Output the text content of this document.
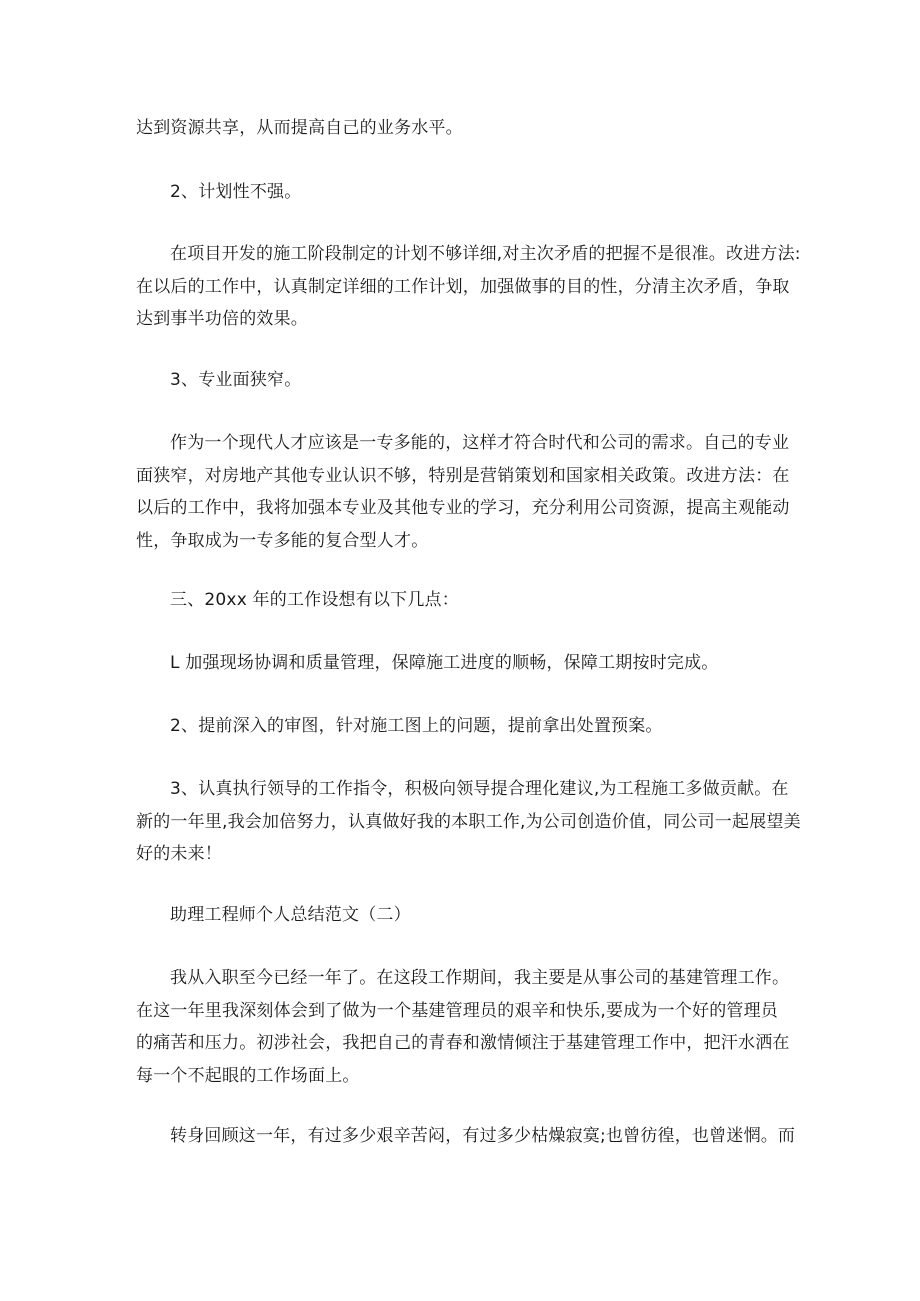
达到资源共享，从而提高自己的业务水平。

2、计划性不强。

在项目开发的施工阶段制定的计划不够详细,对主次矛盾的把握不是很准。改进方法:
在以后的工作中，认真制定详细的工作计划，加强做事的目的性，分清主次矛盾，争取
达到事半功倍的效果。

3、专业面狭窄。

作为一个现代人才应该是一专多能的，这样才符合时代和公司的需求。自己的专业
面狭窄，对房地产其他专业认识不够，特别是营销策划和国家相关政策。改进方法：在
以后的工作中，我将加强本专业及其他专业的学习，充分利用公司资源，提高主观能动
性，争取成为一专多能的复合型人才。

三、20xx 年的工作设想有以下几点：

L 加强现场协调和质量管理，保障施工进度的顺畅，保障工期按时完成。

2、提前深入的审图，针对施工图上的问题，提前拿出处置预案。

3、认真执行领导的工作指令，积极向领导提合理化建议,为工程施工多做贡献。在
新的一年里,我会加倍努力，认真做好我的本职工作,为公司创造价值，同公司一起展望美
好的未来！

助理工程师个人总结范文（二）

我从入职至今已经一年了。在这段工作期间，我主要是从事公司的基建管理工作。
在这一年里我深刻体会到了做为一个基建管理员的艰辛和快乐,要成为一个好的管理员
的痛苦和压力。初涉社会，我把自己的青春和激情倾注于基建管理工作中，把汗水洒在
每一个不起眼的工作场面上。

转身回顾这一年，有过多少艰辛苦闷，有过多少枯燥寂寞;也曾彷徨，也曾迷惘。而
